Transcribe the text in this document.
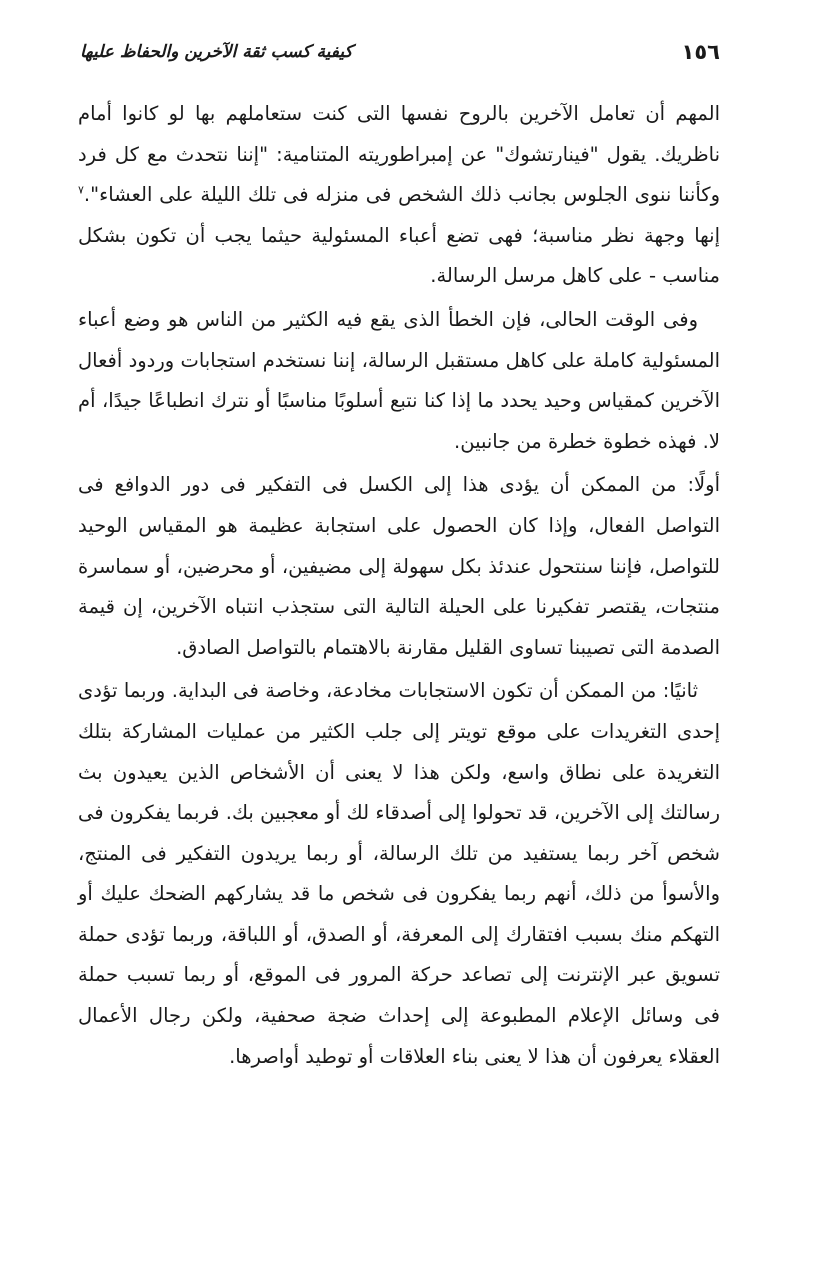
١٥٦
كيفية كسب ثقة الآخرين والحفاظ عليها

المهم أن تعامل الآخرين بالروح نفسها التى كنت ستعاملهم بها لو كانوا أمام ناظريك. يقول "فينارتشوك" عن إمبراطوريته المتنامية: "إننا نتحدث مع كل فرد وكأننا ننوى الجلوس بجانب ذلك الشخص فى منزله فى تلك الليلة على العشاء".$^٧$ إنها وجهة نظر مناسبة؛ فهى تضع أعباء المسئولية حيثما يجب أن تكون بشكل مناسب - على كاهل مرسل الرسالة.

وفى الوقت الحالى، فإن الخطأ الذى يقع فيه الكثير من الناس هو وضع أعباء المسئولية كاملة على كاهل مستقبل الرسالة، إننا نستخدم استجابات وردود أفعال الآخرين كمقياس وحيد يحدد ما إذا كنا نتبع أسلوبًا مناسبًا أو نترك انطباعًا جيدًا، أم لا. فهذه خطوة خطرة من جانبين.

أولًا: من الممكن أن يؤدى هذا إلى الكسل فى التفكير فى دور الدوافع فى التواصل الفعال، وإذا كان الحصول على استجابة عظيمة هو المقياس الوحيد للتواصل، فإننا سنتحول عندئذ بكل سهولة إلى مضيفين، أو محرضين، أو سماسرة منتجات، يقتصر تفكيرنا على الحيلة التالية التى ستجذب انتباه الآخرين، إن قيمة الصدمة التى تصيبنا تساوى القليل مقارنة بالاهتمام بالتواصل الصادق.

ثانيًا: من الممكن أن تكون الاستجابات مخادعة، وخاصة فى البداية. وربما تؤدى إحدى التغريدات على موقع تويتر إلى جلب الكثير من عمليات المشاركة بتلك التغريدة على نطاق واسع، ولكن هذا لا يعنى أن الأشخاص الذين يعيدون بث رسالتك إلى الآخرين، قد تحولوا إلى أصدقاء لك أو معجبين بك. فربما يفكرون فى شخص آخر ربما يستفيد من تلك الرسالة، أو ربما يريدون التفكير فى المنتج، والأسوأ من ذلك، أنهم ربما يفكرون فى شخص ما قد يشاركهم الضحك عليك أو التهكم منك بسبب افتقارك إلى المعرفة، أو الصدق، أو اللباقة، وربما تؤدى حملة تسويق عبر الإنترنت إلى تصاعد حركة المرور فى الموقع، أو ربما تسبب حملة فى وسائل الإعلام المطبوعة إلى إحداث ضجة صحفية، ولكن رجال الأعمال العقلاء يعرفون أن هذا لا يعنى بناء العلاقات أو توطيد أواصرها.
